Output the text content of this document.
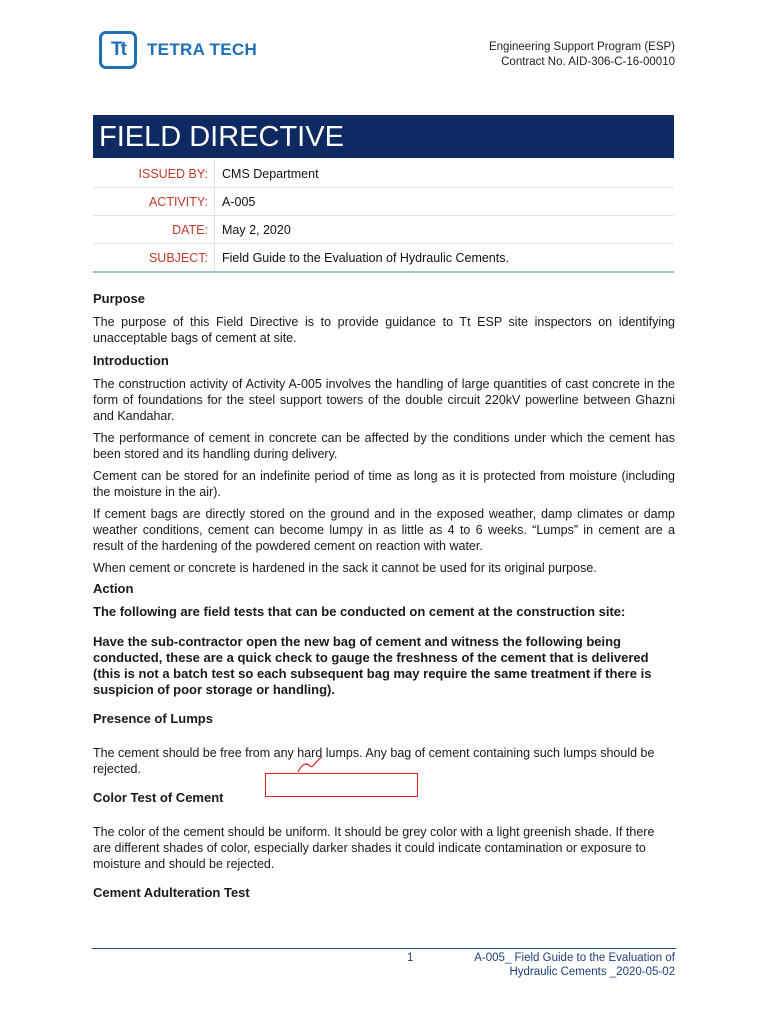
Tt	TETRA TECH	Engineering Support Program (ESP)
Contract No. AID-306-C-16-00010
FIELD DIRECTIVE
ISSUED BY:	CMS Department
ACTIVITY:	A-005
DATE:	May 2, 2020
SUBJECT:	Field Guide to the Evaluation of Hydraulic Cements.
Purpose

The purpose of this Field Directive is to provide guidance to Tt ESP site inspectors on identifying unacceptable bags of cement at site.

Introduction

The construction activity of Activity A-005 involves the handling of large quantities of cast concrete in the form of foundations for the steel support towers of the double circuit 220kV powerline between Ghazni and Kandahar.

The performance of cement in concrete can be affected by the conditions under which the cement has been stored and its handling during delivery.

Cement can be stored for an indefinite period of time as long as it is protected from moisture (including the moisture in the air).

If cement bags are directly stored on the ground and in the exposed weather, damp climates or damp weather conditions, cement can become lumpy in as little as 4 to 6 weeks. “Lumps” in cement are a result of the hardening of the powdered cement on reaction with water.

When cement or concrete is hardened in the sack it cannot be used for its original purpose.

Action

The following are field tests that can be conducted on cement at the construction site:

Have the sub-contractor open the new bag of cement and witness the following being conducted, these are a quick check to gauge the freshness of the cement that is delivered (this is not a batch test so each subsequent bag may require the same treatment if there is suspicion of poor storage or handling).

Presence of Lumps

The cement should be free from any hard lumps. Any bag of cement containing such lumps should be rejected.

Color Test of Cement

The color of the cement should be uniform. It should be grey color with a light greenish shade. If there are different shades of color, especially darker shades it could indicate contamination or exposure to moisture and should be rejected.

Cement Adulteration Test
1	A-005_ Field Guide to the Evaluation of
Hydraulic Cements _2020-05-02
